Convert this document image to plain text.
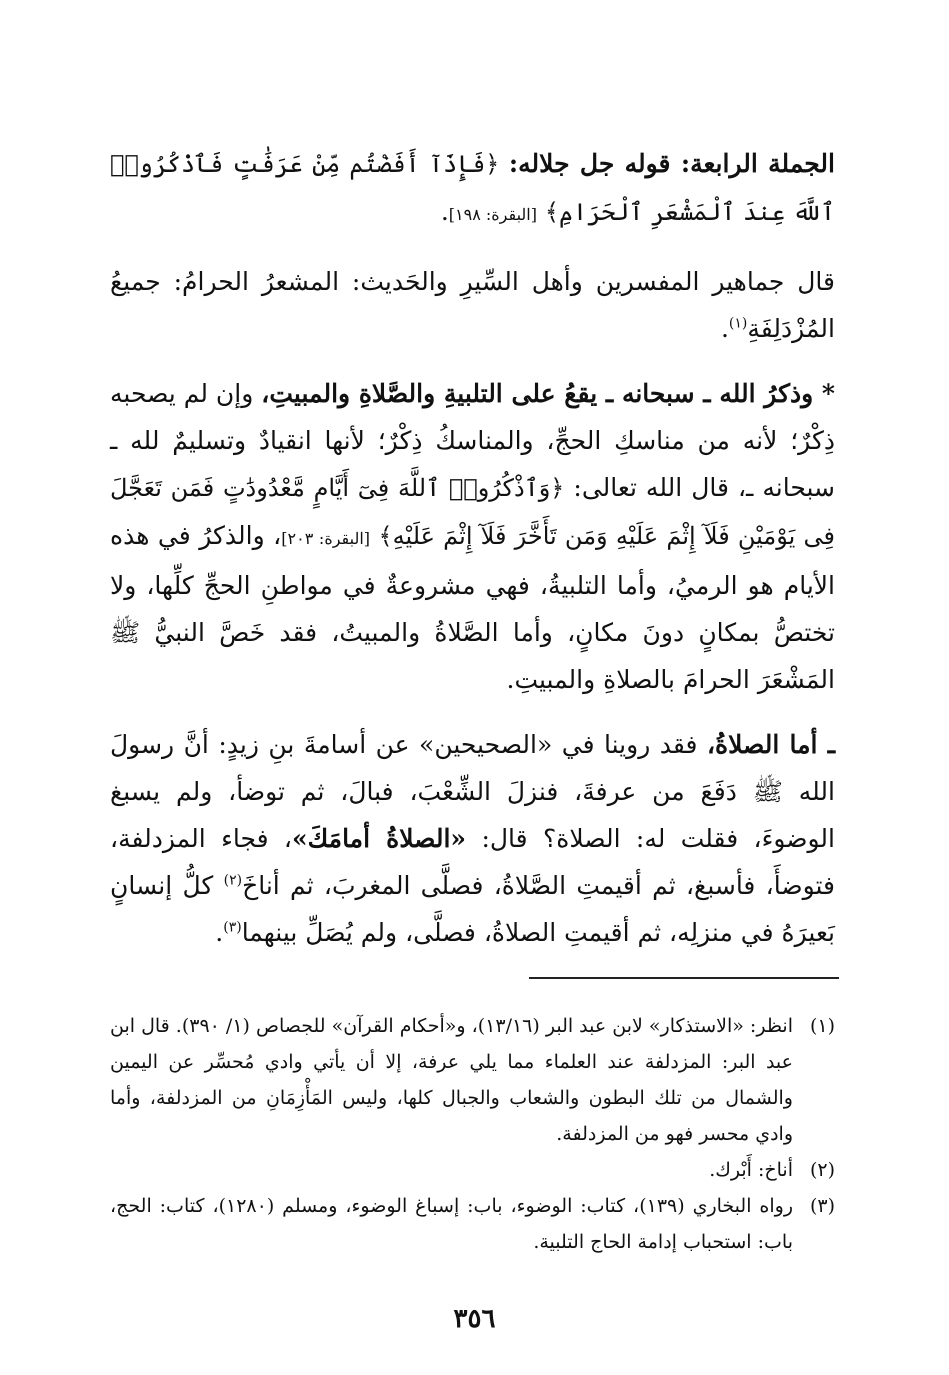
الجملة الرابعة: قوله جل جلاله: ﴿فَإِذَآ أَفَضْتُم مِّنْ عَرَفَٰتٍ فَٱذْكُرُوا۟ ٱللَّهَ عِندَ ٱلْمَشْعَرِ ٱلْحَرَامِ﴾ [البقرة: ١٩٨].

قال جماهير المفسرين وأهل السِّيرِ والحَديث: المشعرُ الحرامُ: جميعُ المُزْدَلِفَةِ$^{(١)}$.

* وذكرُ الله ـ سبحانه ـ يقعُ على التلبيةِ والصَّلاةِ والمبيتِ، وإن لم يصحبه ذِكْرٌ؛ لأنه من مناسكِ الحجِّ، والمناسكُ ذِكْرٌ؛ لأنها انقيادٌ وتسليمٌ لله ـ سبحانه ـ، قال الله تعالى: ﴿وَٱذْكُرُوا۟ ٱللَّهَ فِىٓ أَيَّامٍ مَّعْدُودَٰتٍ فَمَن تَعَجَّلَ فِى يَوْمَيْنِ فَلَآ إِثْمَ عَلَيْهِ وَمَن تَأَخَّرَ فَلَآ إِثْمَ عَلَيْهِ﴾ [البقرة: ٢٠٣]، والذكرُ في هذه الأيام هو الرميُ، وأما التلبيةُ، فهي مشروعةٌ في مواطنِ الحجِّ كلِّها، ولا تختصُّ بمكانٍ دونَ مكانٍ، وأما الصَّلاةُ والمبيتُ، فقد خَصَّ النبيُّ ﷺ المَشْعَرَ الحرامَ بالصلاةِ والمبيتِ.

ـ أما الصلاةُ، فقد روينا في «الصحيحين» عن أسامةَ بنِ زيدٍ: أنَّ رسولَ الله ﷺ دَفَعَ من عرفةَ، فنزلَ الشِّعْبَ، فبالَ، ثم توضأ، ولم يسبغ الوضوءَ، فقلت له: الصلاة؟ قال: «الصلاةُ أمامَكَ»، فجاء المزدلفة، فتوضأَ، فأسبغ، ثم أقيمتِ الصَّلاةُ، فصلَّى المغربَ، ثم أناخَ$^{(٢)}$ كلُّ إنسانٍ بَعيرَهُ في منزلِه، ثم أقيمتِ الصلاةُ، فصلَّى، ولم يُصَلِّ بينهما$^{(٣)}$.

(١)
انظر: «الاستذكار» لابن عبد البر (١٣/١٦)، و«أحكام القرآن» للجصاص (١/ ٣٩٠). قال ابن عبد البر: المزدلفة عند العلماء مما يلي عرفة، إلا أن يأتي وادي مُحسِّر عن اليمين والشمال من تلك البطون والشعاب والجبال كلها، وليس المَأْزِمَانِ من المزدلفة، وأما وادي محسر فهو من المزدلفة.
(٢)
أناخ: أَبْرك.
(٣)
رواه البخاري (١٣٩)، كتاب: الوضوء، باب: إسباغ الوضوء، ومسلم (١٢٨٠)، كتاب: الحج، باب: استحباب إدامة الحاج التلبية.
٣٥٦
